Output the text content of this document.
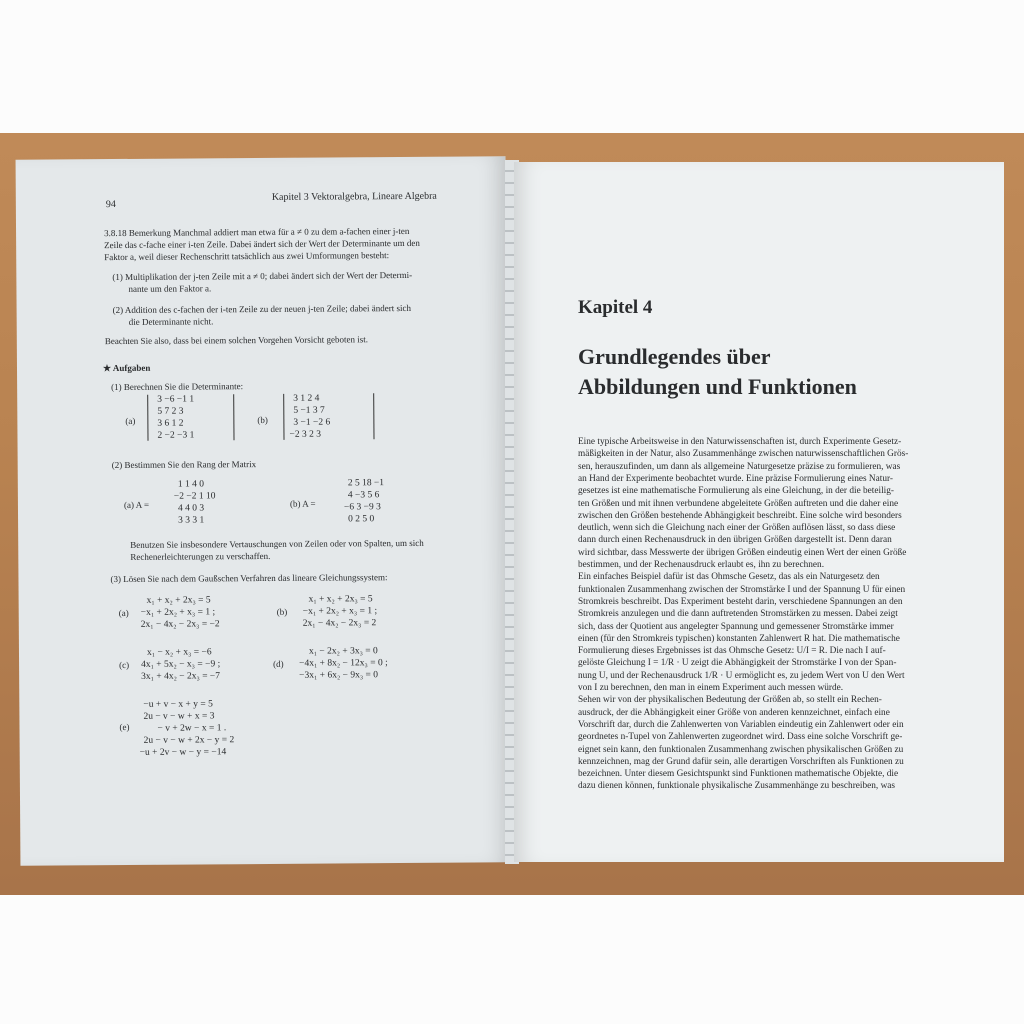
94
Kapitel 3 Vektoralgebra, Lineare Algebra
3.8.18 Bemerkung Manchmal addiert man etwa für a ≠ 0 zu dem a-fachen einer j-ten
Zeile das c-fache einer i-ten Zeile. Dabei ändert sich der Wert der Determinante um den
Faktor a, weil dieser Rechenschritt tatsächlich aus zwei Umformungen besteht:
(1) Multiplikation der j-ten Zeile mit a ≠ 0; dabei ändert sich der Wert der Determi-
nante um den Faktor a.
(2) Addition des c-fachen der i-ten Zeile zu der neuen j-ten Zeile; dabei ändert sich
die Determinante nicht.
Beachten Sie also, dass bei einem solchen Vorgehen Vorsicht geboten ist.
★ Aufgaben
(1) Berechnen Sie die Determinante:
(a)
3 −6 −1 1
5 7 2 3
3 6 1 2
2 −2 −3 1
(b)
3 1 2 4
5 −1 3 7
3 −1 −2 6
−2 3 2 3
(2) Bestimmen Sie den Rang der Matrix
(a) A =
1 1 4 0
−2 −2 1 10
4 4 0 3
3 3 3 1
(b) A =
2 5 18 −1
4 −3 5 6
−6 3 −9 3
0 2 5 0
Benutzen Sie insbesondere Vertauschungen von Zeilen oder von Spalten, um sich
Rechenerleichterungen zu verschaffen.
(3) Lösen Sie nach dem Gaußschen Verfahren das lineare Gleichungssystem:
(a)
x₁ + x₂ + 2x₃ = 5
−x₁ + 2x₂ + x₃ = 1 ;
2x₁ − 4x₂ − 2x₃ = −2
(b)
x₁ + x₂ + 2x₃ = 5
−x₁ + 2x₂ + x₃ = 1 ;
2x₁ − 4x₂ − 2x₃ = 2
(c)
x₁ − x₂ + x₃ = −6
4x₁ + 5x₂ − x₃ = −9 ;
3x₁ + 4x₂ − 2x₃ = −7
(d)
x₁ − 2x₂ + 3x₃ = 0
−4x₁ + 8x₂ − 12x₃ = 0 ;
−3x₁ + 6x₂ − 9x₃ = 0
(e)
−u + v − x + y = 5
2u − v − w + x = 3
− v + 2w − x = 1 .
2u − v − w + 2x − y = 2
−u + 2v − w − y = −14
Kapitel 4
Grundlegendes über
Abbildungen und Funktionen
Eine typische Arbeitsweise in den Naturwissenschaften ist, durch Experimente Gesetz-
mäßigkeiten in der Natur, also Zusammenhänge zwischen naturwissenschaftlichen Grös-
sen, herauszufinden, um dann als allgemeine Naturgesetze präzise zu formulieren, was
an Hand der Experimente beobachtet wurde. Eine präzise Formulierung eines Natur-
gesetzes ist eine mathematische Formulierung als eine Gleichung, in der die beteilig-
ten Größen und mit ihnen verbundene abgeleitete Größen auftreten und die daher eine
zwischen den Größen bestehende Abhängigkeit beschreibt. Eine solche wird besonders
deutlich, wenn sich die Gleichung nach einer der Größen auflösen lässt, so dass diese
dann durch einen Rechenausdruck in den übrigen Größen dargestellt ist. Denn daran
wird sichtbar, dass Messwerte der übrigen Größen eindeutig einen Wert der einen Größe
bestimmen, und der Rechenausdruck erlaubt es, ihn zu berechnen.
Ein einfaches Beispiel dafür ist das Ohmsche Gesetz, das als ein Naturgesetz den
funktionalen Zusammenhang zwischen der Stromstärke I und der Spannung U für einen
Stromkreis beschreibt. Das Experiment besteht darin, verschiedene Spannungen an den
Stromkreis anzulegen und die dann auftretenden Stromstärken zu messen. Dabei zeigt
sich, dass der Quotient aus angelegter Spannung und gemessener Stromstärke immer
einen (für den Stromkreis typischen) konstanten Zahlenwert R hat. Die mathematische
Formulierung dieses Ergebnisses ist das Ohmsche Gesetz: U/I = R. Die nach I auf-
gelöste Gleichung I = 1/R · U zeigt die Abhängigkeit der Stromstärke I von der Span-
nung U, und der Rechenausdruck 1/R · U ermöglicht es, zu jedem Wert von U den Wert
von I zu berechnen, den man in einem Experiment auch messen würde.
Sehen wir von der physikalischen Bedeutung der Größen ab, so stellt ein Rechen-
ausdruck, der die Abhängigkeit einer Größe von anderen kennzeichnet, einfach eine
Vorschrift dar, durch die Zahlenwerten von Variablen eindeutig ein Zahlenwert oder ein
geordnetes n-Tupel von Zahlenwerten zugeordnet wird. Dass eine solche Vorschrift ge-
eignet sein kann, den funktionalen Zusammenhang zwischen physikalischen Größen zu
kennzeichnen, mag der Grund dafür sein, alle derartigen Vorschriften als Funktionen zu
bezeichnen. Unter diesem Gesichtspunkt sind Funktionen mathematische Objekte, die
dazu dienen können, funktionale physikalische Zusammenhänge zu beschreiben, was
